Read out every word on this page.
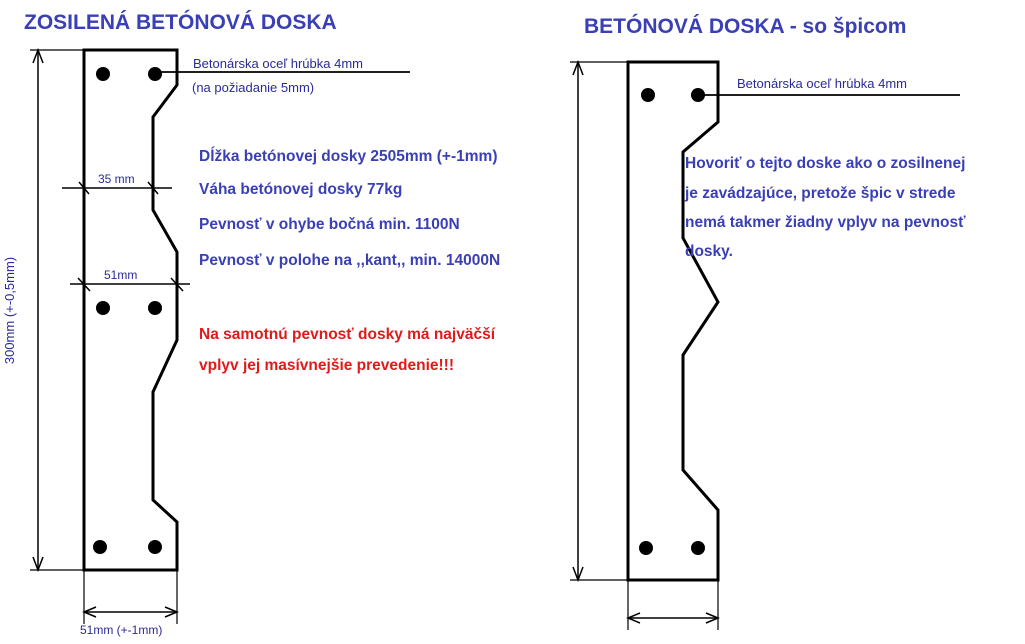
ZOSILENÁ BETÓNOVÁ DOSKA
Betonárska oceľ hrúbka 4mm
(na požiadanie 5mm)
35 mm
51mm
51mm (+-1mm)
300mm (+-0,5mm)
Dĺžka betónovej dosky 2505mm (+-1mm)
Váha betónovej dosky 77kg
Pevnosť v ohybe bočná min. 1100N
Pevnosť v polohe na ,,kant,, min. 14000N
Na samotnú pevnosť dosky má najväčší
vplyv jej masívnejšie prevedenie!!!
BETÓNOVÁ DOSKA - so špicom
Betonárska oceľ hrúbka 4mm
Hovoriť o tejto doske ako o zosilnenej
je zavádzajúce, pretože špic v strede
nemá takmer žiadny vplyv na pevnosť
dosky.
